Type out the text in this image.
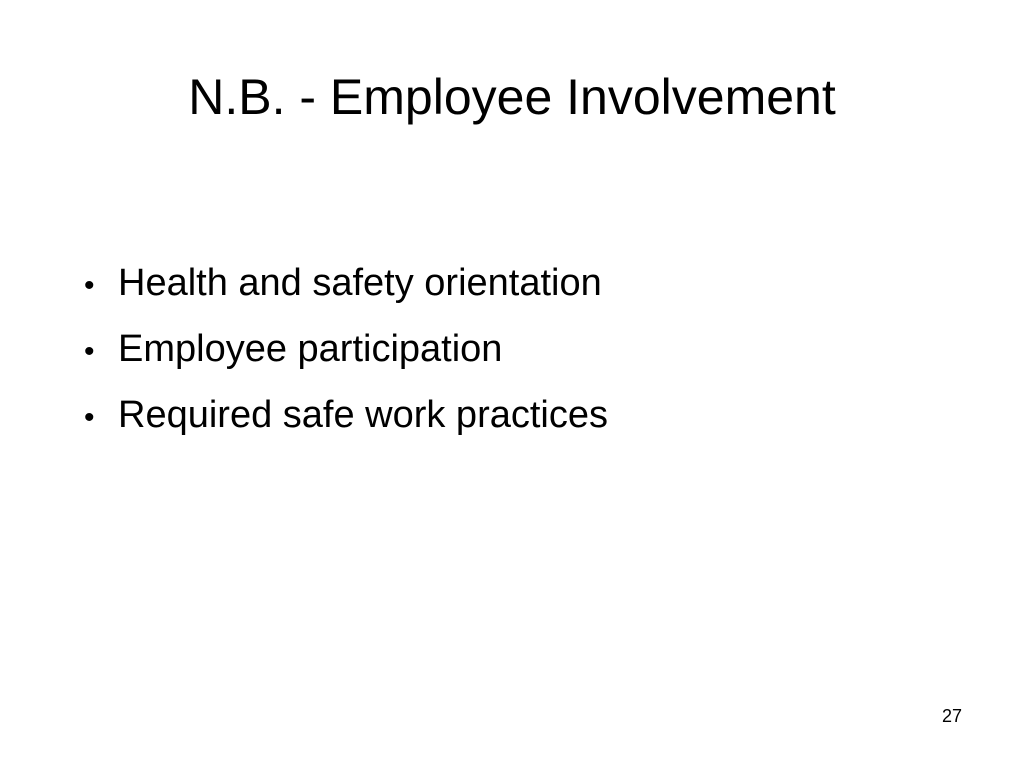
N.B. - Employee Involvement
• Health and safety orientation
• Employee participation
• Required safe work practices
27
